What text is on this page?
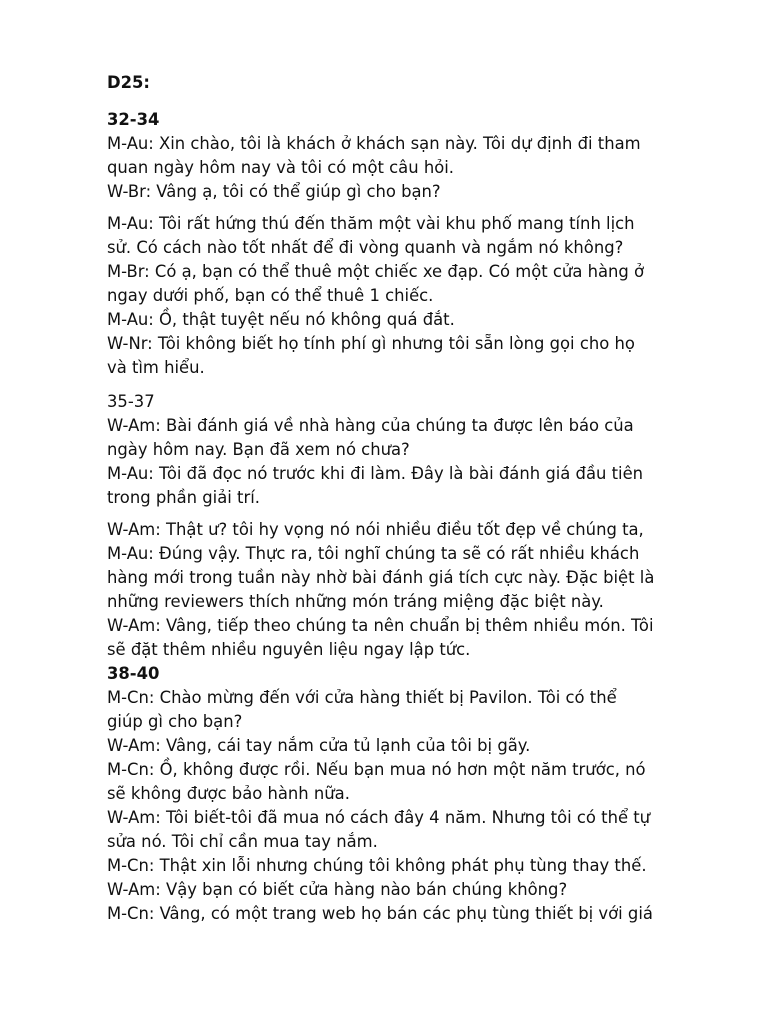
D25:
32-34
M-Au: Xin chào, tôi là khách ở khách sạn này. Tôi dự định đi tham
quan ngày hôm nay và tôi có một câu hỏi.
W-Br: Vâng ạ, tôi có thể giúp gì cho bạn?
M-Au: Tôi rất hứng thú đến thăm một vài khu phố mang tính lịch
sử. Có cách nào tốt nhất để đi vòng quanh và ngắm nó không?
M-Br: Có ạ, bạn có thể thuê một chiếc xe đạp. Có một cửa hàng ở
ngay dưới phố, bạn có thể thuê 1 chiếc.
M-Au: Ồ, thật tuyệt nếu nó không quá đắt.
W-Nr: Tôi không biết họ tính phí gì nhưng tôi sẵn lòng gọi cho họ
và tìm hiểu.
35-37
W-Am: Bài đánh giá về nhà hàng của chúng ta được lên báo của
ngày hôm nay. Bạn đã xem nó chưa?
M-Au: Tôi đã đọc nó trước khi đi làm. Đây là bài đánh giá đầu tiên
trong phần giải trí.
W-Am: Thật ư? tôi hy vọng nó nói nhiều điều tốt đẹp về chúng ta,
M-Au: Đúng vậy. Thực ra, tôi nghĩ chúng ta sẽ có rất nhiều khách
hàng mới trong tuần này nhờ bài đánh giá tích cực này. Đặc biệt là
những reviewers thích những món tráng miệng đặc biệt này.
W-Am: Vâng, tiếp theo chúng ta nên chuẩn bị thêm nhiều món. Tôi
sẽ đặt thêm nhiều nguyên liệu ngay lập tức.
38-40
M-Cn: Chào mừng đến với cửa hàng thiết bị Pavilon. Tôi có thể
giúp gì cho bạn?
W-Am: Vâng, cái tay nắm cửa tủ lạnh của tôi bị gãy.
M-Cn: Ồ, không được rồi. Nếu bạn mua nó hơn một năm trước, nó
sẽ không được bảo hành nữa.
W-Am: Tôi biết-tôi đã mua nó cách đây 4 năm. Nhưng tôi có thể tự
sửa nó. Tôi chỉ cần mua tay nắm.
M-Cn: Thật xin lỗi nhưng chúng tôi không phát phụ tùng thay thế.
W-Am: Vậy bạn có biết cửa hàng nào bán chúng không?
M-Cn: Vâng, có một trang web họ bán các phụ tùng thiết bị với giá
